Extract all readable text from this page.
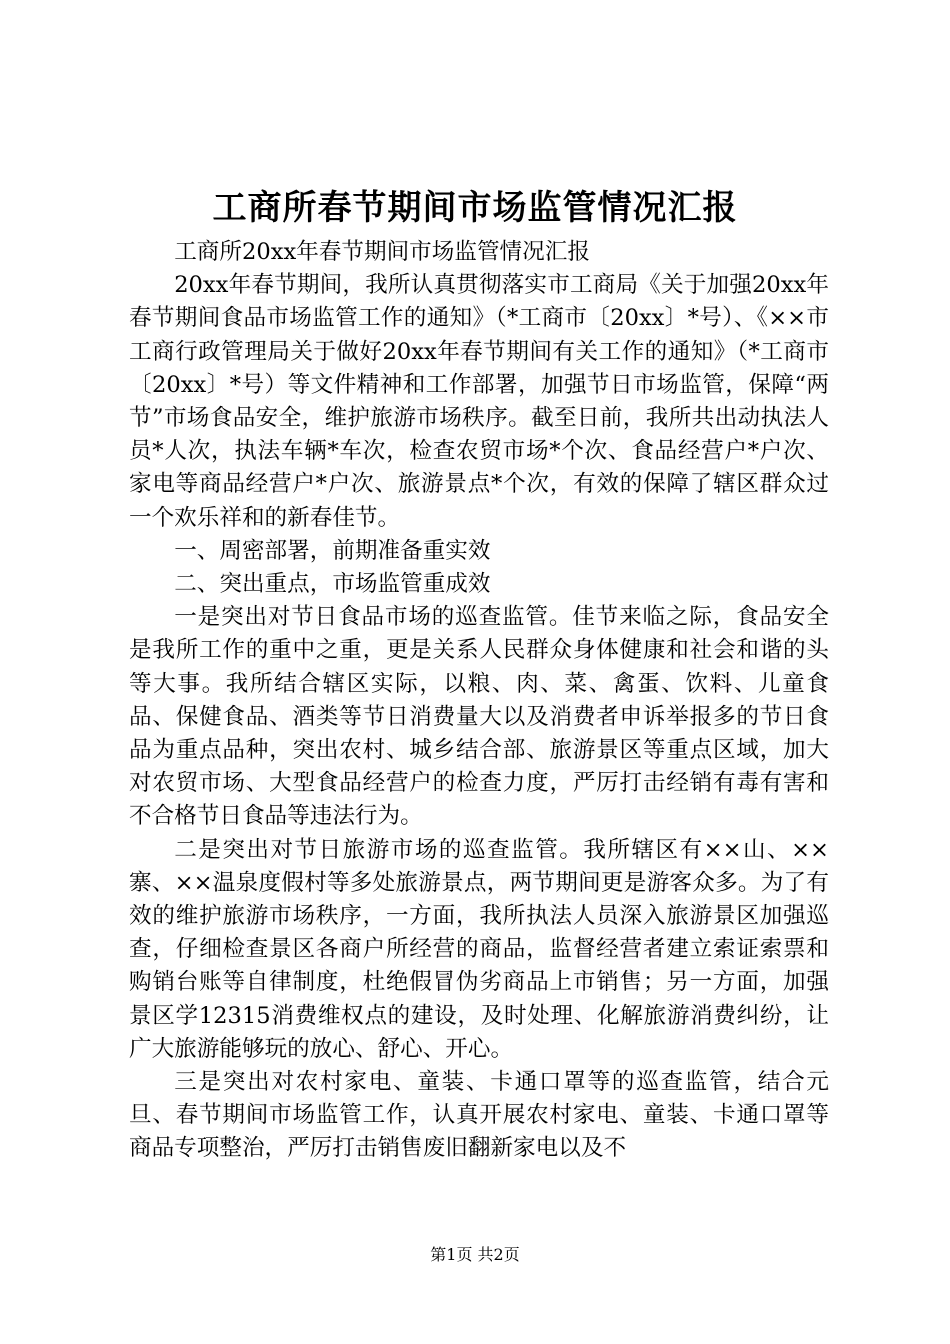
工商所春节期间市场监管情况汇报

工商所20xx年春节期间市场监管情况汇报

20xx年春节期间，我所认真贯彻落实市工商局《关于加强20xx年春节期间食品市场监管工作的通知》（*工商市〔20xx〕*号）、《××市工商行政管理局关于做好20xx年春节期间有关工作的通知》（*工商市〔20xx〕*号）等文件精神和工作部署，加强节日市场监管，保障“两节”市场食品安全，维护旅游市场秩序。截至日前，我所共出动执法人员*人次，执法车辆*车次，检查农贸市场*个次、食品经营户*户次、家电等商品经营户*户次、旅游景点*个次，有效的保障了辖区群众过一个欢乐祥和的新春佳节。

一、周密部署，前期准备重实效

二、突出重点，市场监管重成效

一是突出对节日食品市场的巡查监管。佳节来临之际，食品安全是我所工作的重中之重，更是关系人民群众身体健康和社会和谐的头等大事。我所结合辖区实际，以粮、肉、菜、禽蛋、饮料、儿童食品、保健食品、酒类等节日消费量大以及消费者申诉举报多的节日食品为重点品种，突出农村、城乡结合部、旅游景区等重点区域，加大对农贸市场、大型食品经营户的检查力度，严厉打击经销有毒有害和不合格节日食品等违法行为。

二是突出对节日旅游市场的巡查监管。我所辖区有××山、××寨、××温泉度假村等多处旅游景点，两节期间更是游客众多。为了有效的维护旅游市场秩序，一方面，我所执法人员深入旅游景区加强巡查，仔细检查景区各商户所经营的商品，监督经营者建立索证索票和购销台账等自律制度，杜绝假冒伪劣商品上市销售；另一方面，加强景区学12315消费维权点的建设，及时处理、化解旅游消费纠纷，让广大旅游能够玩的放心、舒心、开心。

三是突出对农村家电、童装、卡通口罩等的巡查监管，结合元旦、春节期间市场监管工作，认真开展农村家电、童装、卡通口罩等商品专项整治，严厉打击销售废旧翻新家电以及不

第1页 共2页
